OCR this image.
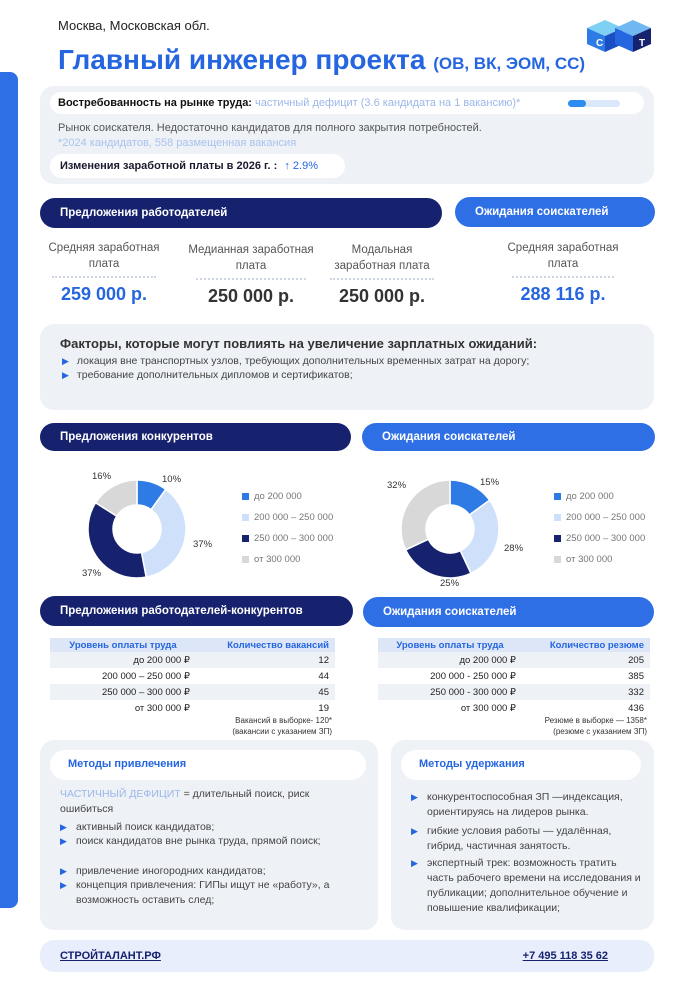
Москва, Московская обл.
Главный инженер проекта (ОВ, ВК, ЭОМ, СС)
С	Т
Востребованность на рынке труда: частичный дефицит (3.6 кандидата на 1 вакансию)*
Рынок соискателя. Недостаточно кандидатов для полного закрытия потребностей.
*2024 кандидатов, 558 размещенная вакансия
Изменения заработной платы в 2026 г. : ↑ 2.9%
Предложения работодателей	Ожидания соискателей
Средняя заработная плата
259 000 р.
Медианная заработная плата
250 000 р.
Модальная заработная плата
250 000 р.
Средняя заработная плата
288 116 р.
Факторы, которые могут повлиять на увеличение зарплатных ожиданий:
▶ локация вне транспортных узлов, требующих дополнительных временных затрат на дорогу;
▶ требование дополнительных дипломов и сертификатов;
Предложения конкурентов	Ожидания соискателей
10%
37%
37%
16%
15%
28%
25%
32%
до 200 000
200 000 – 250 000
250 000 – 300 000
от 300 000
до 200 000
200 000 – 250 000
250 000 – 300 000
от 300 000
Предложения работодателей-конкурентов	Ожидания соискателей
Уровень оплаты труда	Количество вакансий
до 200 000 ₽	12
200 000 – 250 000 ₽	44
250 000 – 300 000 ₽	45
от 300 000 ₽	19
Вакансий в выборке- 120*
(вакансии с указанием ЗП)
Уровень оплаты труда	Количество резюме
до 200 000 ₽	205
200 000 - 250 000 ₽	385
250 000 - 300 000 ₽	332
от 300 000 ₽	436
Резюме в выборке — 1358*
(резюме с указанием ЗП)
Методы привлечения
ЧАСТИЧНЫЙ ДЕФИЦИТ = длительный поиск, риск ошибиться
▶ активный поиск кандидатов;
▶ поиск кандидатов вне рынка труда, прямой поиск;
▶ привлечение иногородних кандидатов;
▶ концепция привлечения: ГИПы ищут не «работу», а возможность оставить след;
Методы удержания
▶ конкурентоспособная ЗП —индексация, ориентируясь на лидеров рынка.
▶ гибкие условия работы — удалённая, гибрид, частичная занятость.
▶ экспертный трек: возможность тратить часть рабочего времени на исследования и публикации; дополнительное обучение и повышение квалификации;
СТРОЙТАЛАНТ.РФ	+7 495 118 35 62
